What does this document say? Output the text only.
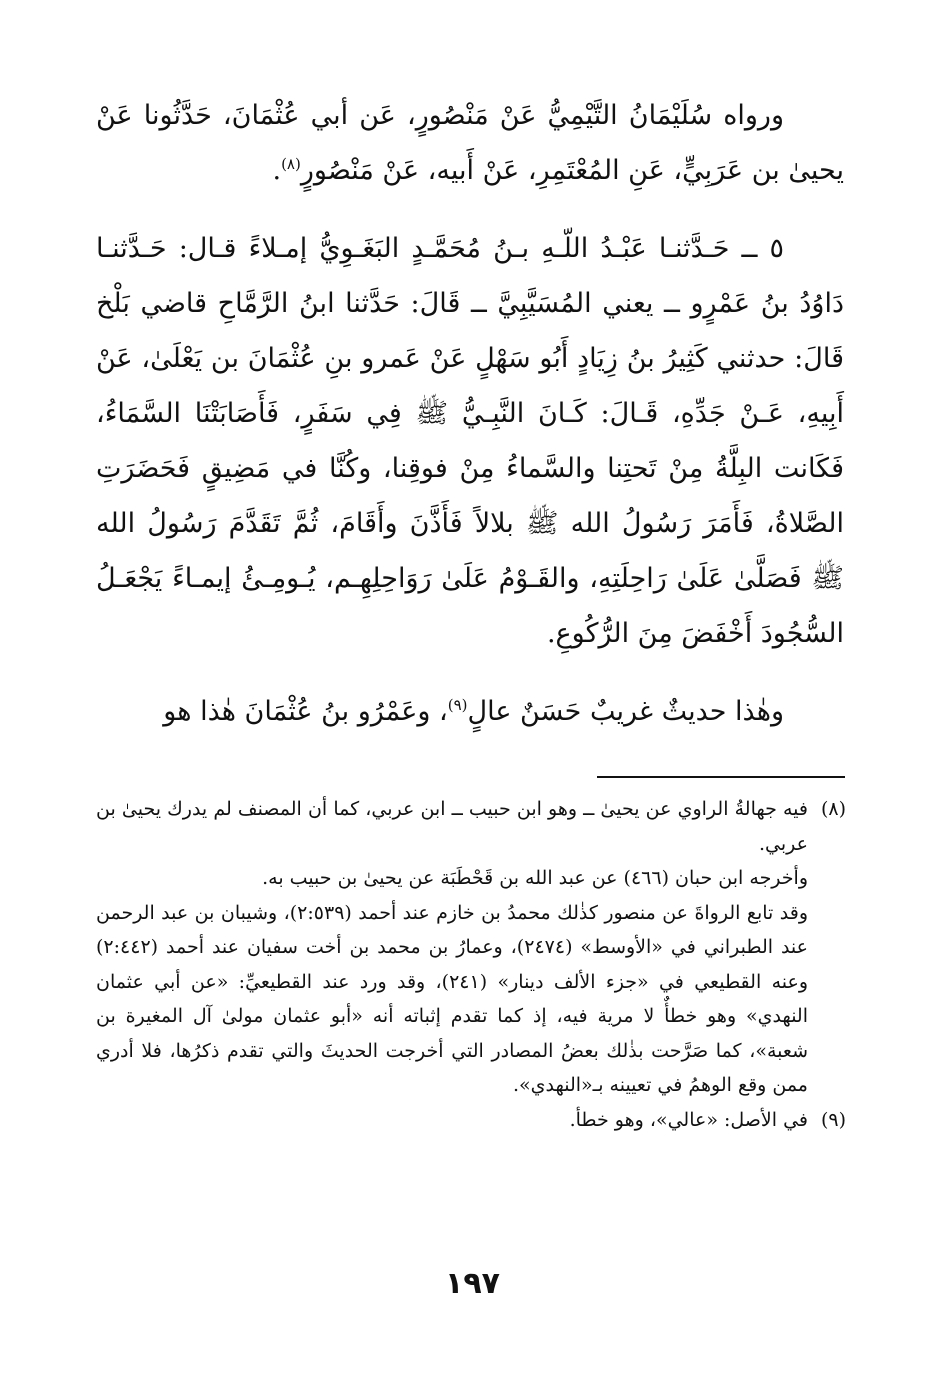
ورواه سُلَيْمَانُ التَّيْمِيُّ عَنْ مَنْصُورٍ، عَن أبي عُثْمَانَ، حَدَّثُونا عَنْ يحيىٰ بن عَرَبِيٍّ، عَنِ المُعْتَمِرِ، عَنْ أَبيه، عَنْ مَنْصُورٍ$^{(٨)}$.

٥ ــ حَـدَّثنـا عَبْـدُ اللّـهِ بـنُ مُحَمَّـدٍ البَغَـوِيُّ إمـلاءً قـال: حَـدَّثنـا دَاوُدُ بنُ عَمْرٍو ــ يعني المُسَيَّبِيَّ ــ قَالَ: حَدَّثنا ابنُ الرَّمَّاحِ قاضي بَلْخ قَالَ: حدثني كَثِيرُ بنُ زِيَادٍ أَبُو سَهْلٍ عَنْ عَمرو بنِ عُثْمَانَ بن يَعْلَىٰ، عَنْ أَبِيهِ، عَـنْ جَدِّهِ، قَـالَ: كَـانَ النَّبِـيُّ ﷺ فِي سَفَرٍ، فَأَصَابَتْنَا السَّمَاءُ، فَكَانت البِلَّةُ مِنْ تَحتِنا والسَّماءُ مِنْ فوقِنا، وكُنَّا في مَضِيقٍ فَحَضَرَتِ الصَّلاةُ، فَأَمَرَ رَسُولُ الله ﷺ بلالاً فَأَذَّنَ وأَقَامَ، ثُمَّ تَقَدَّمَ رَسُولُ الله ﷺ فَصَلَّىٰ عَلَىٰ رَاحِلَتِهِ، والقَـوْمُ عَلَىٰ رَوَاحِلِهِـم، يُـومِـئُ إيمـاءً يَجْعَـلُ السُّجُودَ أَخْفَضَ مِنَ الرُّكُوعِ.

وهٰذا حديثٌ غريبٌ حَسَنٌ عالٍ$^{(٩)}$، وعَمْرُو بنُ عُثْمَانَ هٰذا هو

(٨)
فيه جهالةُ الراوي عن يحيىٰ ــ وهو ابن حبيب ــ ابن عربي، كما أن المصنف لم يدرك يحيىٰ بن عربي.

وأخرجه ابن حبان (٤٦٦) عن عبد الله بن قَحْطَبَة عن يحيىٰ بن حبيب به.

وقد تابع الرواةَ عن منصور كذٰلك محمدُ بن خازم عند أحمد (٢:٥٣٩)، وشيبان بن عبد الرحمن عند الطبراني في «الأوسط» (٢٤٧٤)، وعمارُ بن محمد بن أخت سفيان عند أحمد (٢:٤٤٢) وعنه القطيعي في «جزء الألف دينار» (٢٤١)، وقد ورد عند القطيعيِّ: «عن أبي عثمان النهدي» وهو خطأٌ لا مرية فيه، إذ كما تقدم إثباته أنه «أبو عثمان مولىٰ آل المغيرة بن شعبة»، كما صَرَّحت بذٰلك بعضُ المصادر التي أخرجت الحديثَ والتي تقدم ذكرُها، فلا أدري ممن وقع الوهمُ في تعيينه بـ«النهدي».

(٩)
في الأصل: «عالي»، وهو خطأ.

١٩٧
